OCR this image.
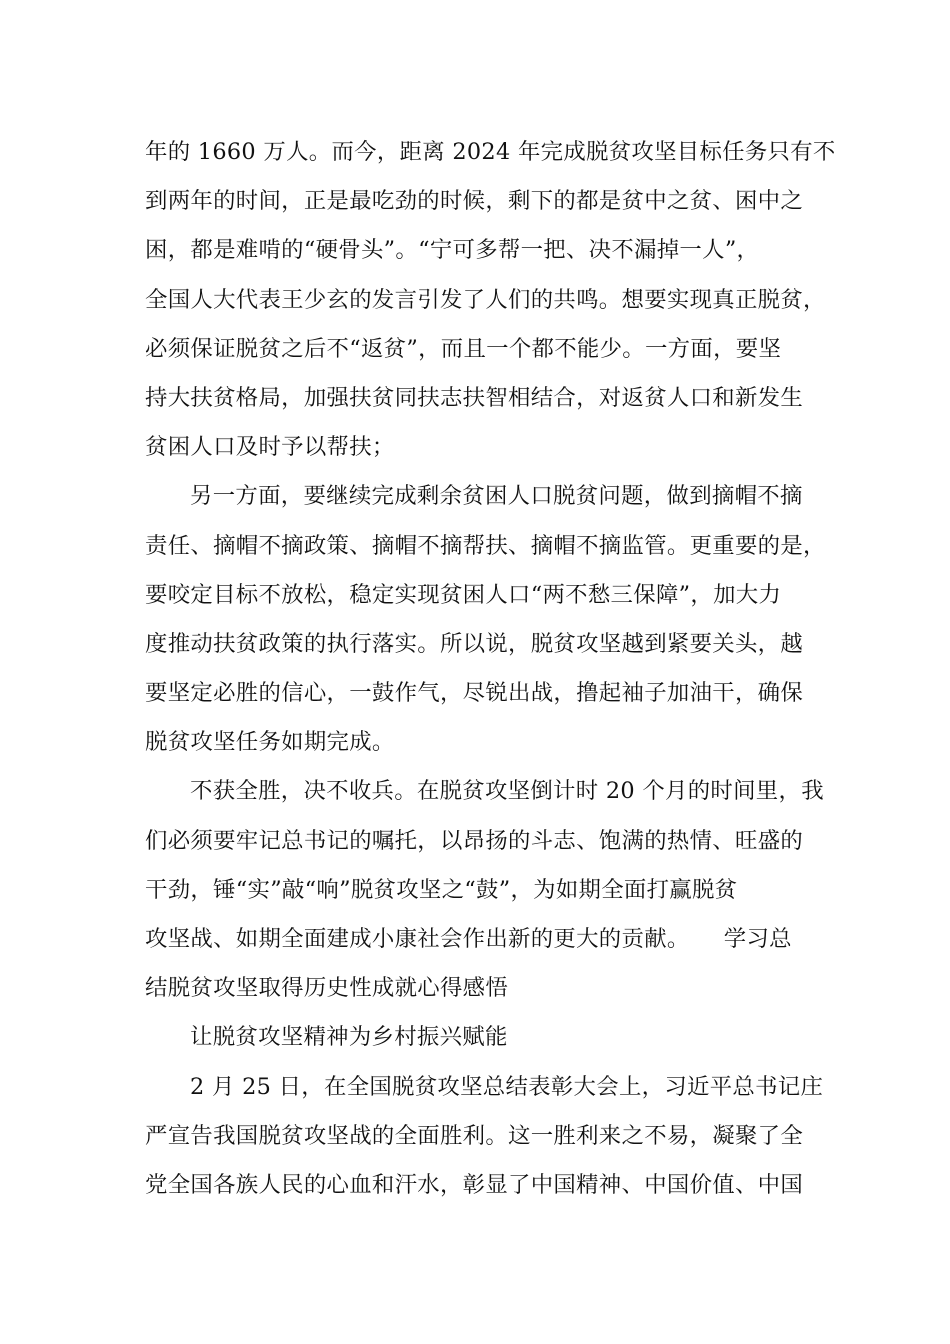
年的 1660 万人。而今，距离 2024 年完成脱贫攻坚目标任务只有不
到两年的时间，正是最吃劲的时候，剩下的都是贫中之贫、困中之
困，都是难啃的“硬骨头”。“宁可多帮一把、决不漏掉一人”，
全国人大代表王少玄的发言引发了人们的共鸣。想要实现真正脱贫，
必须保证脱贫之后不“返贫”，而且一个都不能少。一方面，要坚
持大扶贫格局，加强扶贫同扶志扶智相结合，对返贫人口和新发生
贫困人口及时予以帮扶；
另一方面，要继续完成剩余贫困人口脱贫问题，做到摘帽不摘
责任、摘帽不摘政策、摘帽不摘帮扶、摘帽不摘监管。更重要的是，
要咬定目标不放松，稳定实现贫困人口“两不愁三保障”，加大力
度推动扶贫政策的执行落实。所以说，脱贫攻坚越到紧要关头，越
要坚定必胜的信心，一鼓作气，尽锐出战，撸起袖子加油干，确保
脱贫攻坚任务如期完成。
不获全胜，决不收兵。在脱贫攻坚倒计时 20 个月的时间里，我
们必须要牢记总书记的嘱托，以昂扬的斗志、饱满的热情、旺盛的
干劲，锤“实”敲“响”脱贫攻坚之“鼓”，为如期全面打赢脱贫
攻坚战、如期全面建成小康社会作出新的更大的贡献。　　学习总
结脱贫攻坚取得历史性成就心得感悟
让脱贫攻坚精神为乡村振兴赋能
2 月 25 日，在全国脱贫攻坚总结表彰大会上，习近平总书记庄
严宣告我国脱贫攻坚战的全面胜利。这一胜利来之不易，凝聚了全
党全国各族人民的心血和汗水，彰显了中国精神、中国价值、中国
